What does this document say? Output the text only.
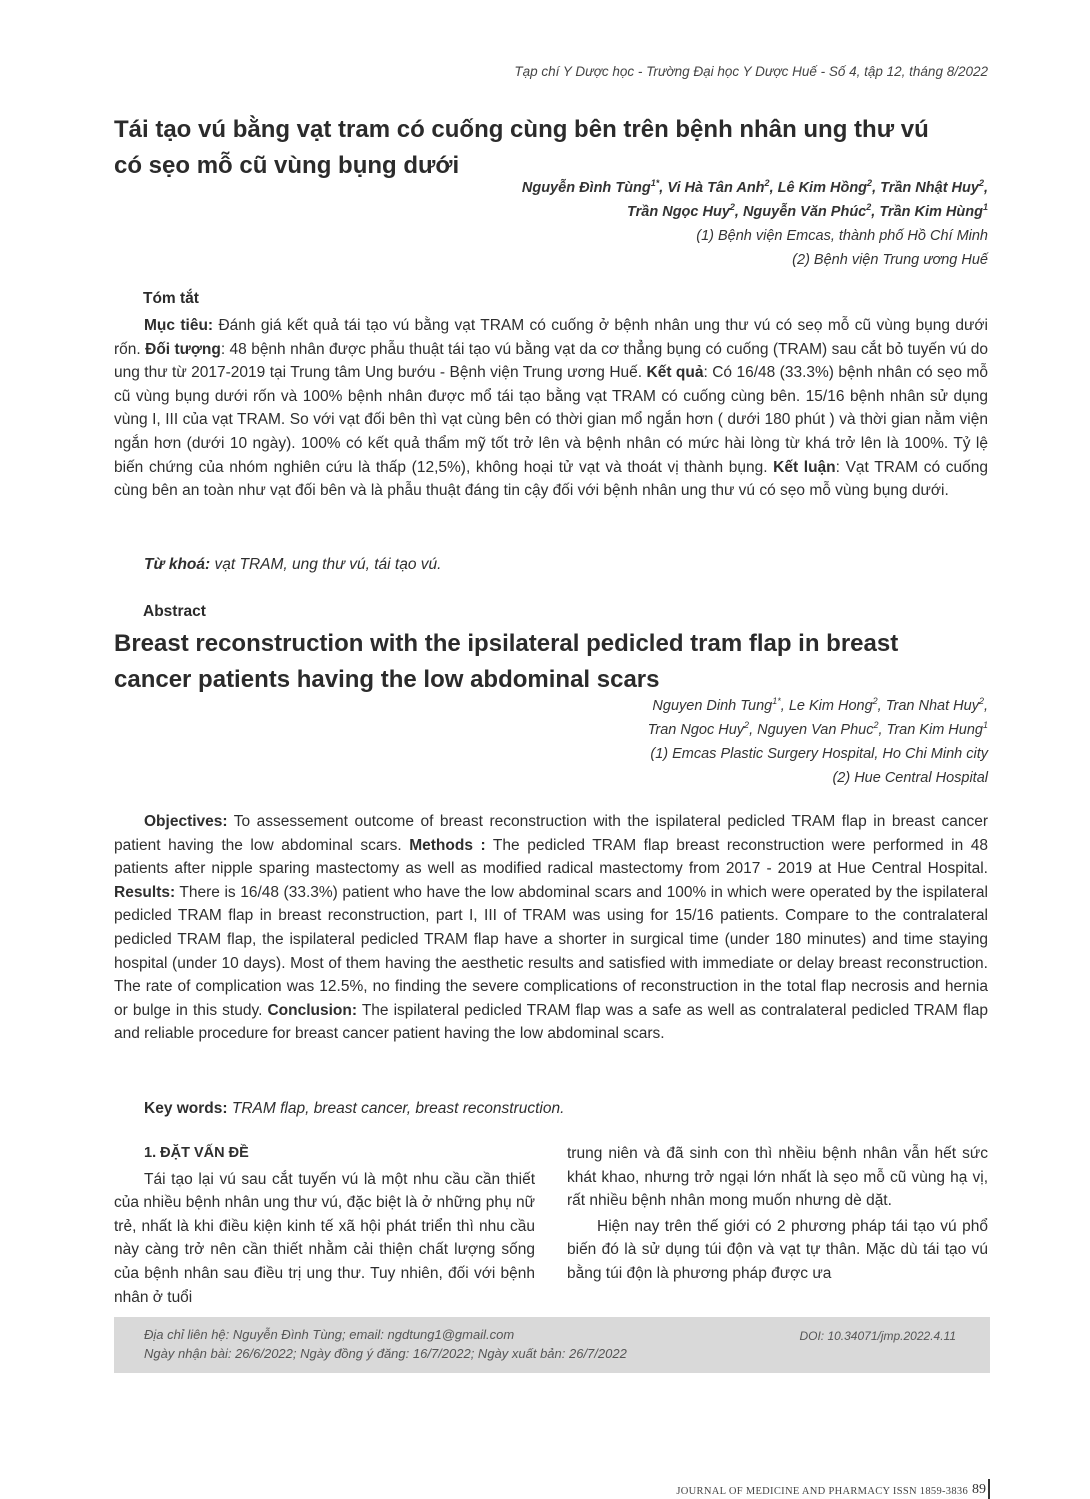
Tạp chí Y Dược học - Trường Đại học Y Dược Huế - Số 4, tập 12, tháng 8/2022
Tái tạo vú bằng vạt tram có cuống cùng bên trên bệnh nhân ung thư vú
có sẹo mỗ cũ vùng bụng dưới
Nguyễn Đình Tùng$^{1*}$, Vi Hà Tân Anh$^2$, Lê Kim Hồng$^2$, Trần Nhật Huy$^2$,
Trần Ngọc Huy$^2$, Nguyễn Văn Phúc$^2$, Trần Kim Hùng$^1$
(1) Bệnh viện Emcas, thành phố Hồ Chí Minh
(2) Bệnh viện Trung ương Huế
Tóm tắt
Mục tiêu: Đánh giá kết quả tái tạo vú bằng vạt TRAM có cuống ở bệnh nhân ung thư vú có seọ mỗ cũ vùng bụng dưới rốn. Đối tượng: 48 bệnh nhân được phẫu thuật tái tạo vú bằng vạt da cơ thẳng bụng có cuống (TRAM) sau cắt bỏ tuyến vú do ung thư từ 2017-2019 tại Trung tâm Ung bướu - Bệnh viện Trung ương Huế. Kết quả: Có 16/48 (33.3%) bệnh nhân có sẹo mỗ cũ vùng bụng dưới rốn và 100% bệnh nhân được mổ tái tạo bằng vạt TRAM có cuống cùng bên. 15/16 bệnh nhân sử dụng vùng I, III của vạt TRAM. So với vạt đối bên thì vạt cùng bên có thời gian mổ ngắn hơn ( dưới 180 phút ) và thời gian nằm viện ngắn hơn (dưới 10 ngày). 100% có kết quả thẩm mỹ tốt trở lên và bệnh nhân có mức hài lòng từ khá trở lên là 100%. Tỷ lệ biến chứng của nhóm nghiên cứu là thấp (12,5%), không hoại tử vạt và thoát vị thành bụng. Kết luận: Vạt TRAM có cuống cùng bên an toàn như vạt đối bên và là phẫu thuật đáng tin cậy đối với bệnh nhân ung thư vú có sẹo mỗ vùng bụng dưới.
Từ khoá: vạt TRAM, ung thư vú, tái tạo vú.
Abstract
Breast reconstruction with the ipsilateral pedicled tram flap in breast
cancer patients having the low abdominal scars
Nguyen Dinh Tung$^{1*}$, Le Kim Hong$^2$, Tran Nhat Huy$^2$,
Tran Ngoc Huy$^2$, Nguyen Van Phuc$^2$, Tran Kim Hung$^1$
(1) Emcas Plastic Surgery Hospital, Ho Chi Minh city
(2) Hue Central Hospital
Objectives: To assessement outcome of breast reconstruction with the ispilateral pedicled TRAM flap in breast cancer patient having the low abdominal scars. Methods : The pedicled TRAM flap breast reconstruction were performed in 48 patients after nipple sparing mastectomy as well as modified radical mastectomy from 2017 - 2019 at Hue Central Hospital. Results: There is 16/48 (33.3%) patient who have the low abdominal scars and 100% in which were operated by the ispilateral pedicled TRAM flap in breast reconstruction, part I, III of TRAM was using for 15/16 patients. Compare to the contralateral pedicled TRAM flap, the ispilateral pedicled TRAM flap have a shorter in surgical time (under 180 minutes) and time staying hospital (under 10 days). Most of them having the aesthetic results and satisfied with immediate or delay breast reconstruction. The rate of complication was 12.5%, no finding the severe complications of reconstruction in the total flap necrosis and hernia or bulge in this study. Conclusion: The ispilateral pedicled TRAM flap was a safe as well as contralateral pedicled TRAM flap and reliable procedure for breast cancer patient having the low abdominal scars.
Key words: TRAM flap, breast cancer, breast reconstruction.
1. ĐẶT VẤN ĐỀ

Tái tạo lại vú sau cắt tuyến vú là một nhu cầu cần thiết của nhiều bệnh nhân ung thư vú, đặc biệt là ở những phụ nữ trẻ, nhất là khi điều kiện kinh tế xã hội phát triển thì nhu cầu này càng trở nên cần thiết nhằm cải thiện chất lượng sống của bệnh nhân sau điều trị ung thư. Tuy nhiên, đối với bệnh nhân ở tuổi

trung niên và đã sinh con thì nhềiu bệnh nhân vẫn hết sức khát khao, nhưng trở ngại lớn nhất là sẹo mỗ cũ vùng hạ vị, rất nhiều bệnh nhân mong muốn nhưng dè dặt.

Hiện nay trên thế giới có 2 phương pháp tái tạo vú phổ biến đó là sử dụng túi độn và vạt tự thân. Mặc dù tái tạo vú bằng túi độn là phương pháp được ưa

Địa chỉ liên hệ: Nguyễn Đình Tùng; email: ngdtung1@gmail.com	DOI: 10.34071/jmp.2022.4.11
Ngày nhận bài: 26/6/2022; Ngày đồng ý đăng: 16/7/2022; Ngày xuất bản: 26/7/2022
JOURNAL OF MEDICINE AND PHARMACY ISSN 1859-3836 89
